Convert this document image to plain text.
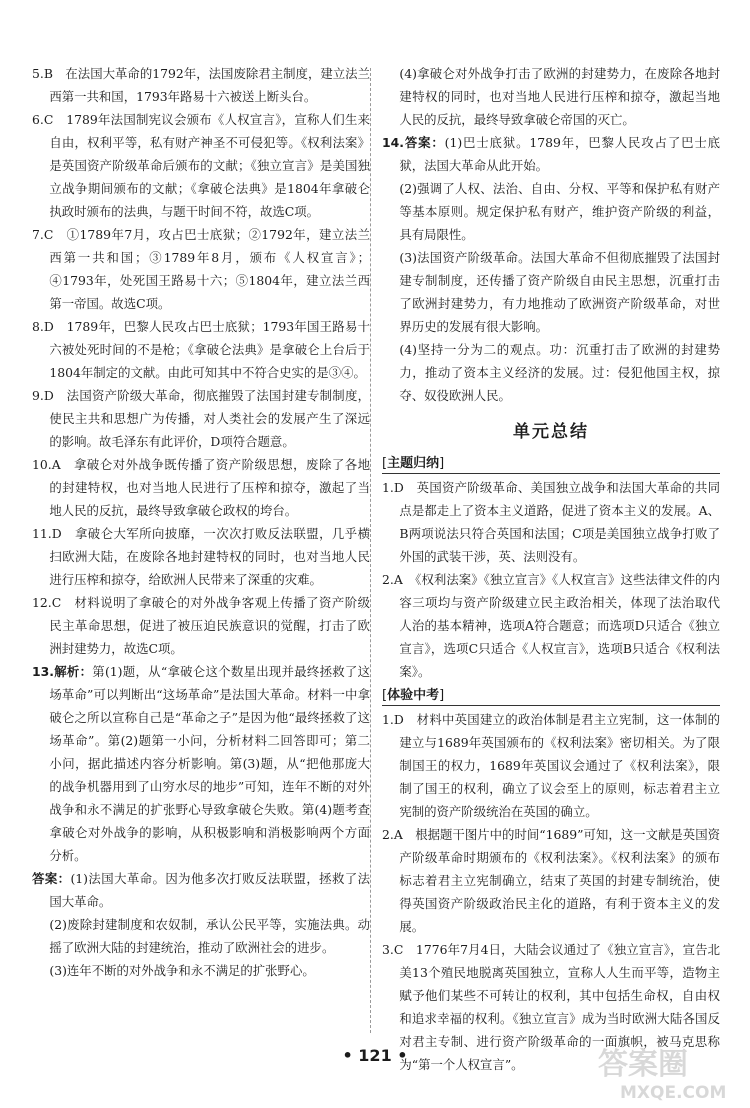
5.B　在法国大革命的1792年，法国废除君主制度，建立法兰西第一共和国，1793年路易十六被送上断头台。

6.C　1789年法国制宪议会颁布《人权宣言》，宣称人们生来自由，权利平等，私有财产神圣不可侵犯等。《权利法案》是英国资产阶级革命后颁布的文献；《独立宣言》是美国独立战争期间颁布的文献；《拿破仑法典》是1804年拿破仑执政时颁布的法典，与题干时间不符，故选C项。

7.C　①1789年7月，攻占巴士底狱；②1792年，建立法兰西第一共和国；③1789年8月，颁布《人权宣言》；④1793年，处死国王路易十六；⑤1804年，建立法兰西第一帝国。故选C项。

8.D　1789年，巴黎人民攻占巴士底狱；1793年国王路易十六被处死时间的不是枪；《拿破仑法典》是拿破仑上台后于1804年制定的文献。由此可知其中不符合史实的是③④。

9.D　法国资产阶级大革命，彻底摧毁了法国封建专制制度，使民主共和思想广为传播，对人类社会的发展产生了深远的影响。故毛泽东有此评价，D项符合题意。

10.A　拿破仑对外战争既传播了资产阶级思想，废除了各地的封建特权，也对当地人民进行了压榨和掠夺，激起了当地人民的反抗，最终导致拿破仑政权的垮台。

11.D　拿破仑大军所向披靡，一次次打败反法联盟，几乎横扫欧洲大陆，在废除各地封建特权的同时，也对当地人民进行压榨和掠夺，给欧洲人民带来了深重的灾难。

12.C　材料说明了拿破仑的对外战争客观上传播了资产阶级民主革命思想，促进了被压迫民族意识的觉醒，打击了欧洲封建势力，故选C项。

13.解析：第(1)题，从“拿破仑这个数星出现并最终拯救了这场革命”可以判断出“这场革命”是法国大革命。材料一中拿破仑之所以宣称自己是“革命之子”是因为他“最终拯救了这场革命”。第(2)题第一小问，分析材料二回答即可；第二小问，据此描述内容分析影响。第(3)题，从“把他那庞大的战争机器用到了山穷水尽的地步”可知，连年不断的对外战争和永不满足的扩张野心导致拿破仑失败。第(4)题考查拿破仑对外战争的影响，从积极影响和消极影响两个方面分析。

答案：(1)法国大革命。因为他多次打败反法联盟，拯救了法国大革命。

(2)废除封建制度和农奴制，承认公民平等，实施法典。动摇了欧洲大陆的封建统治，推动了欧洲社会的进步。

(3)连年不断的对外战争和永不满足的扩张野心。

(4)拿破仑对外战争打击了欧洲的封建势力，在废除各地封建特权的同时，也对当地人民进行压榨和掠夺，激起当地人民的反抗，最终导致拿破仑帝国的灭亡。

14.答案：(1)巴士底狱。1789年，巴黎人民攻占了巴士底狱，法国大革命从此开始。

(2)强调了人权、法治、自由、分权、平等和保护私有财产等基本原则。规定保护私有财产，维护资产阶级的利益，具有局限性。

(3)法国资产阶级革命。法国大革命不但彻底摧毁了法国封建专制制度，还传播了资产阶级自由民主思想，沉重打击了欧洲封建势力，有力地推动了欧洲资产阶级革命，对世界历史的发展有很大影响。

(4)坚持一分为二的观点。功：沉重打击了欧洲的封建势力，推动了资本主义经济的发展。过：侵犯他国主权，掠夺、奴役欧洲人民。

单元总结
[主题归纳]

1.D　英国资产阶级革命、美国独立战争和法国大革命的共同点是都走上了资本主义道路，促进了资本主义的发展。A、B两项说法只符合英国和法国；C项是美国独立战争打败了外国的武装干涉，英、法则没有。

2.A　《权利法案》《独立宣言》《人权宣言》这些法律文件的内容三项均与资产阶级建立民主政治相关，体现了法治取代人治的基本精神，选项A符合题意；而选项D只适合《独立宣言》，选项C只适合《人权宣言》，选项B只适合《权利法案》。

[体验中考]

1.D　材料中英国建立的政治体制是君主立宪制，这一体制的建立与1689年英国颁布的《权利法案》密切相关。为了限制国王的权力，1689年英国议会通过了《权利法案》，限制了国王的权利，确立了议会至上的原则，标志着君主立宪制的资产阶级统治在英国的确立。

2.A　根据题干图片中的时间“1689”可知，这一文献是英国资产阶级革命时期颁布的《权利法案》。《权利法案》的颁布标志着君主立宪制确立，结束了英国的封建专制统治，使得英国资产阶级政治民主化的道路，有利于资本主义的发展。

3.C　1776年7月4日，大陆会议通过了《独立宣言》，宣告北美13个殖民地脱离英国独立，宣称人人生而平等，造物主赋予他们某些不可转让的权利，其中包括生命权，自由权和追求幸福的权利。《独立宣言》成为当时欧洲大陆各国反对君主专制、进行资产阶级革命的一面旗帜，被马克思称为“第一个人权宣言”。

• 121 •	答案圈
MXQE.COM
